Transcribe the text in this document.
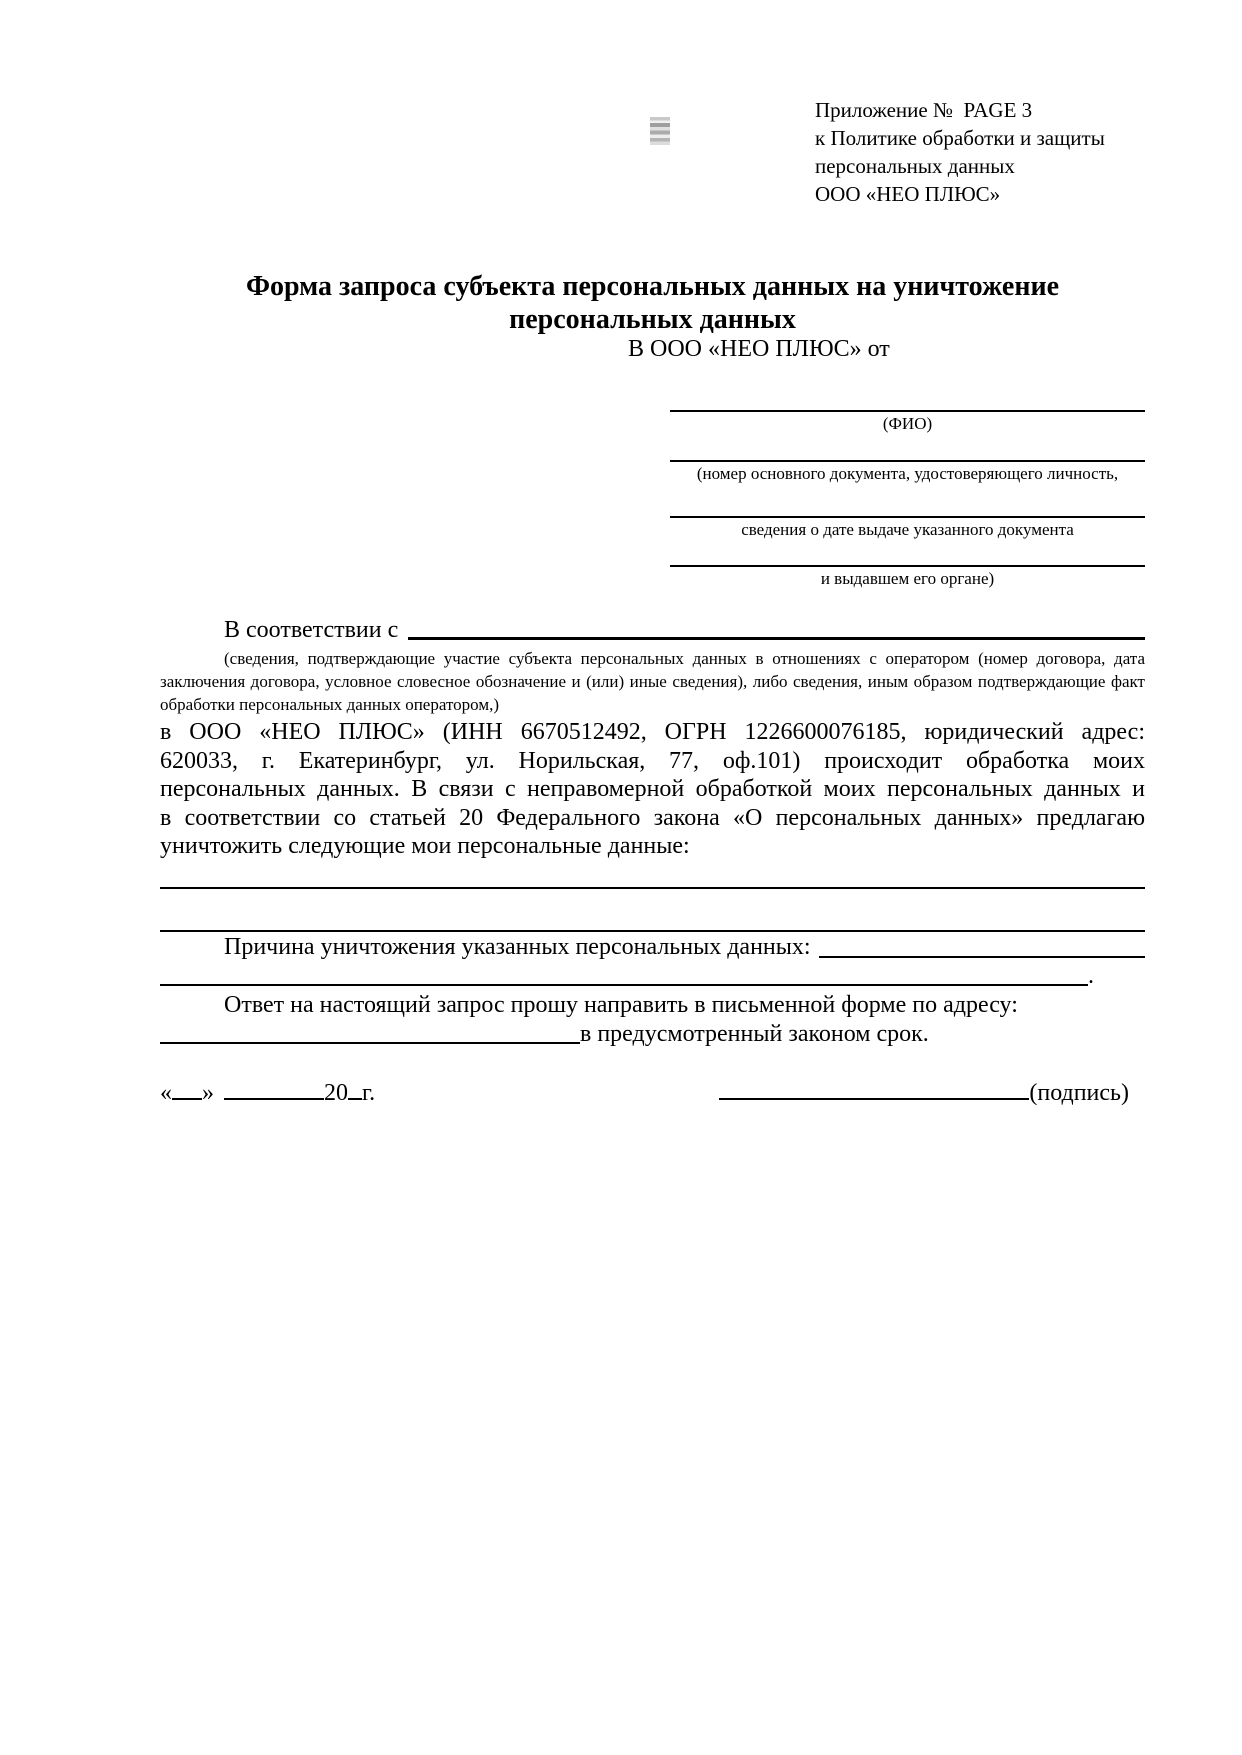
Приложение №  PAGE 3
к Политике обработки и защиты
персональных данных
ООО «НЕО ПЛЮС»
Форма запроса субъекта персональных данных на уничтожение
персональных данных
В ООО «НЕО ПЛЮС» от
(ФИО)
(номер основного документа, удостоверяющего личность,
сведения о дате выдаче указанного документа
и выдавшем его органе)
В соответствии с
(сведения, подтверждающие участие субъекта персональных данных в отношениях с оператором (номер договора, дата
заключения договора, условное словесное обозначение и (или) иные сведения), либо сведения, иным образом подтверждающие факт
обработки персональных данных оператором,)
в ООО «НЕО ПЛЮС» (ИНН 6670512492, ОГРН 1226600076185, юридический адрес:
620033, г. Екатеринбург, ул. Норильская, 77, оф.101) происходит обработка моих
персональных данных. В связи с неправомерной обработкой моих персональных данных и
в соответствии со статьей 20 Федерального закона «О персональных данных» предлагаю
уничтожить следующие мои персональные данные:
Причина уничтожения указанных персональных данных:
.
Ответ на настоящий запрос прошу направить в письменной форме по адресу:
в предусмотренный законом срок.
« »	20 г.	(подпись)
